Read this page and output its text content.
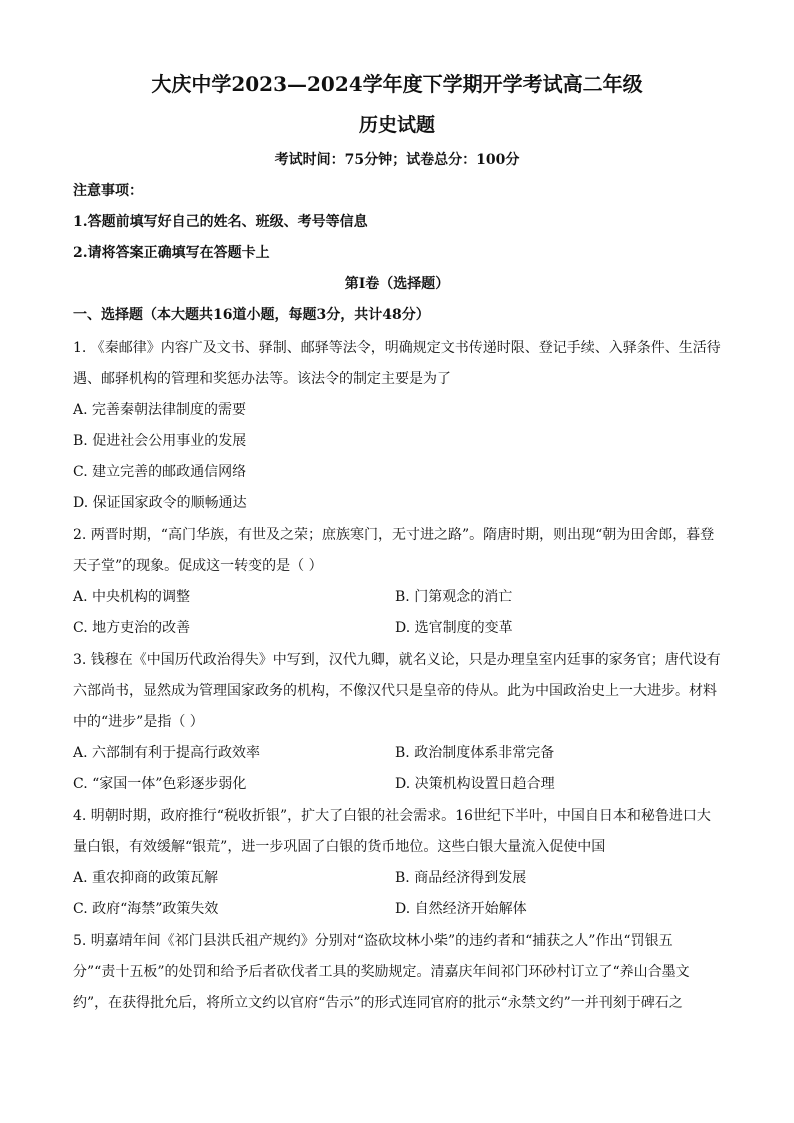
大庆中学2023—2024学年度下学期开学考试高二年级
历史试题
考试时间：75分钟；试卷总分：100分
注意事项：
1.答题前填写好自己的姓名、班级、考号等信息
2.请将答案正确填写在答题卡上
第I卷（选择题）
一、选择题（本大题共16道小题，每题3分，共计48分）
1. 《秦邮律》内容广及文书、驿制、邮驿等法令，明确规定文书传递时限、登记手续、入驿条件、生活待
遇、邮驿机构的管理和奖惩办法等。该法令的制定主要是为了
A. 完善秦朝法律制度的需要
B. 促进社会公用事业的发展
C. 建立完善的邮政通信网络
D. 保证国家政令的顺畅通达
2. 两晋时期，“高门华族，有世及之荣；庶族寒门，无寸进之路”。隋唐时期，则出现“朝为田舍郎，暮登
天子堂”的现象。促成这一转变的是（ ）
A. 中央机构的调整	B. 门第观念的消亡
C. 地方吏治的改善	D. 选官制度的变革
3. 钱穆在《中国历代政治得失》中写到，汉代九卿，就名义论，只是办理皇室内廷事的家务官；唐代设有
六部尚书，显然成为管理国家政务的机构，不像汉代只是皇帝的侍从。此为中国政治史上一大进步。材料
中的“进步”是指（ ）
A. 六部制有利于提高行政效率	B. 政治制度体系非常完备
C. “家国一体”色彩逐步弱化	D. 决策机构设置日趋合理
4. 明朝时期，政府推行“税收折银”，扩大了白银的社会需求。16世纪下半叶，中国自日本和秘鲁进口大
量白银，有效缓解“银荒”，进一步巩固了白银的货币地位。这些白银大量流入促使中国
A. 重农抑商的政策瓦解	B. 商品经济得到发展
C. 政府“海禁”政策失效	D. 自然经济开始解体
5. 明嘉靖年间《祁门县洪氏祖产规约》分别对“盗砍坟林小柴”的违约者和“捕获之人”作出“罚银五
分”“责十五板”的处罚和给予后者砍伐者工具的奖励规定。清嘉庆年间祁门环砂村订立了“养山合墨文
约”，在获得批允后，将所立文约以官府“告示”的形式连同官府的批示“永禁文约”一并刊刻于碑石之
